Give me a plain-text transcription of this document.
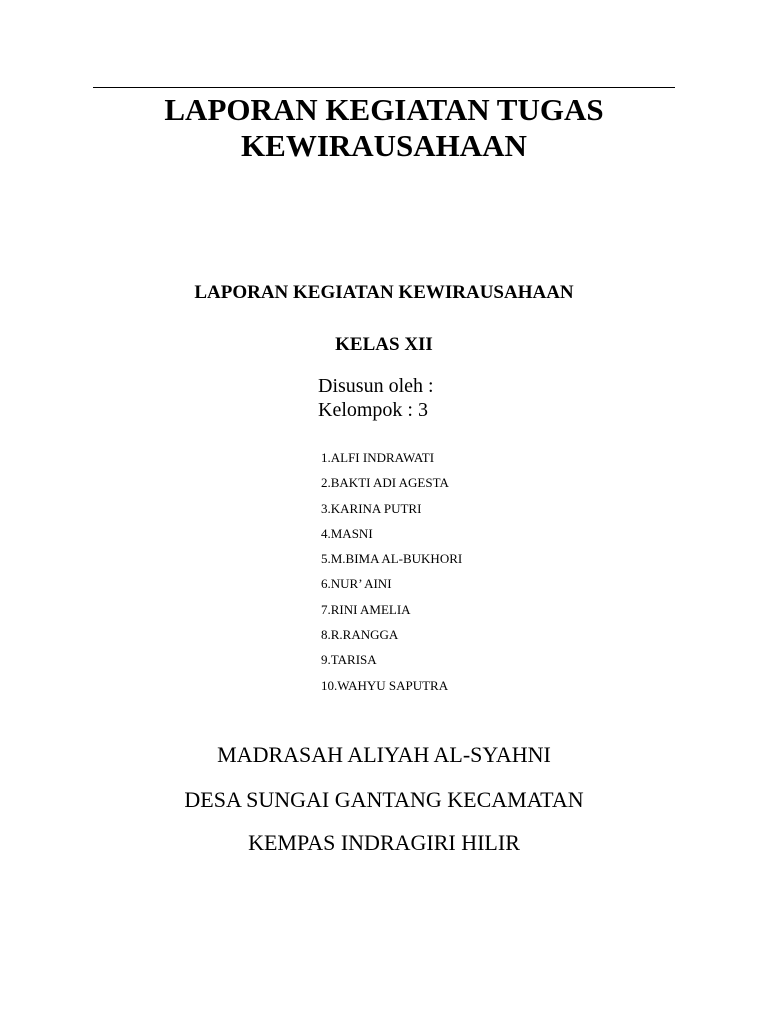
LAPORAN KEGIATAN TUGAS
KEWIRAUSAHAAN
LAPORAN KEGIATAN KEWIRAUSAHAAN
KELAS XII
Disusun oleh :
Kelompok : 3
1.ALFI INDRAWATI
2.BAKTI ADI AGESTA
3.KARINA PUTRI
4.MASNI
5.M.BIMA AL-BUKHORI
6.NUR’ AINI
7.RINI AMELIA
8.R.RANGGA
9.TARISA
10.WAHYU SAPUTRA

MADRASAH ALIYAH AL-SYAHNI

DESA SUNGAI GANTANG KECAMATAN

KEMPAS INDRAGIRI HILIR
